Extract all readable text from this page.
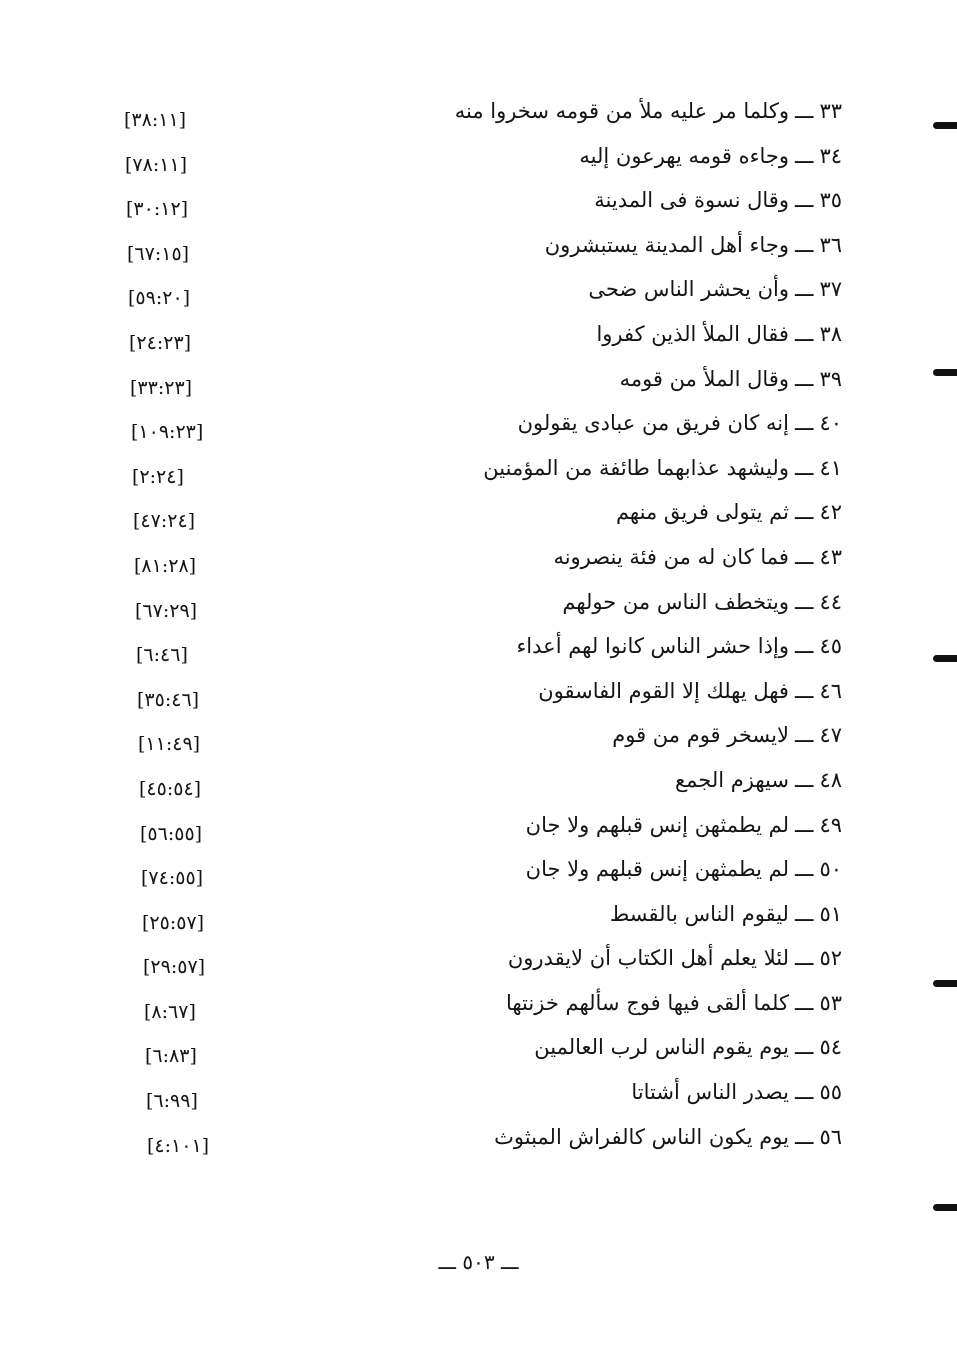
٣٣ـــوكلما مر عليه ملأ من قومه سخروا منه
[٣٨:١١]
٣٤ـــوجاءه قومه يهرعون إليه
[٧٨:١١]
٣٥ـــوقال نسوة فى المدينة
[٣٠:١٢]
٣٦ـــوجاء أهل المدينة يستبشرون
[٦٧:١٥]
٣٧ـــوأن يحشر الناس ضحى
[٥٩:٢٠]
٣٨ـــفقال الملأ الذين كفروا
[٢٤:٢٣]
٣٩ـــوقال الملأ من قومه
[٣٣:٢٣]
٤٠ـــإنه كان فريق من عبادى يقولون
[١٠٩:٢٣]
٤١ـــوليشهد عذابهما طائفة من المؤمنين
[٢:٢٤]
٤٢ـــثم يتولى فريق منهم
[٤٧:٢٤]
٤٣ـــفما كان له من فئة ينصرونه
[٨١:٢٨]
٤٤ـــويتخطف الناس من حولهم
[٦٧:٢٩]
٤٥ـــوإذا حشر الناس كانوا لهم أعداء
[٦:٤٦]
٤٦ـــفهل يهلك إلا القوم الفاسقون
[٣٥:٤٦]
٤٧ـــلايسخر قوم من قوم
[١١:٤٩]
٤٨ـــسيهزم الجمع
[٤٥:٥٤]
٤٩ـــلم يطمثهن إنس قبلهم ولا جان
[٥٦:٥٥]
٥٠ـــلم يطمثهن إنس قبلهم ولا جان
[٧٤:٥٥]
٥١ـــليقوم الناس بالقسط
[٢٥:٥٧]
٥٢ـــلئلا يعلم أهل الكتاب أن لايقدرون
[٢٩:٥٧]
٥٣ـــكلما ألقى فيها فوج سألهم خزنتها
[٨:٦٧]
٥٤ـــيوم يقوم الناس لرب العالمين
[٦:٨٣]
٥٥ـــيصدر الناس أشتاتا
[٦:٩٩]
٥٦ـــيوم يكون الناس كالفراش المبثوث
[٤:١٠١]
ـــ ٥٠٣ ـــ
